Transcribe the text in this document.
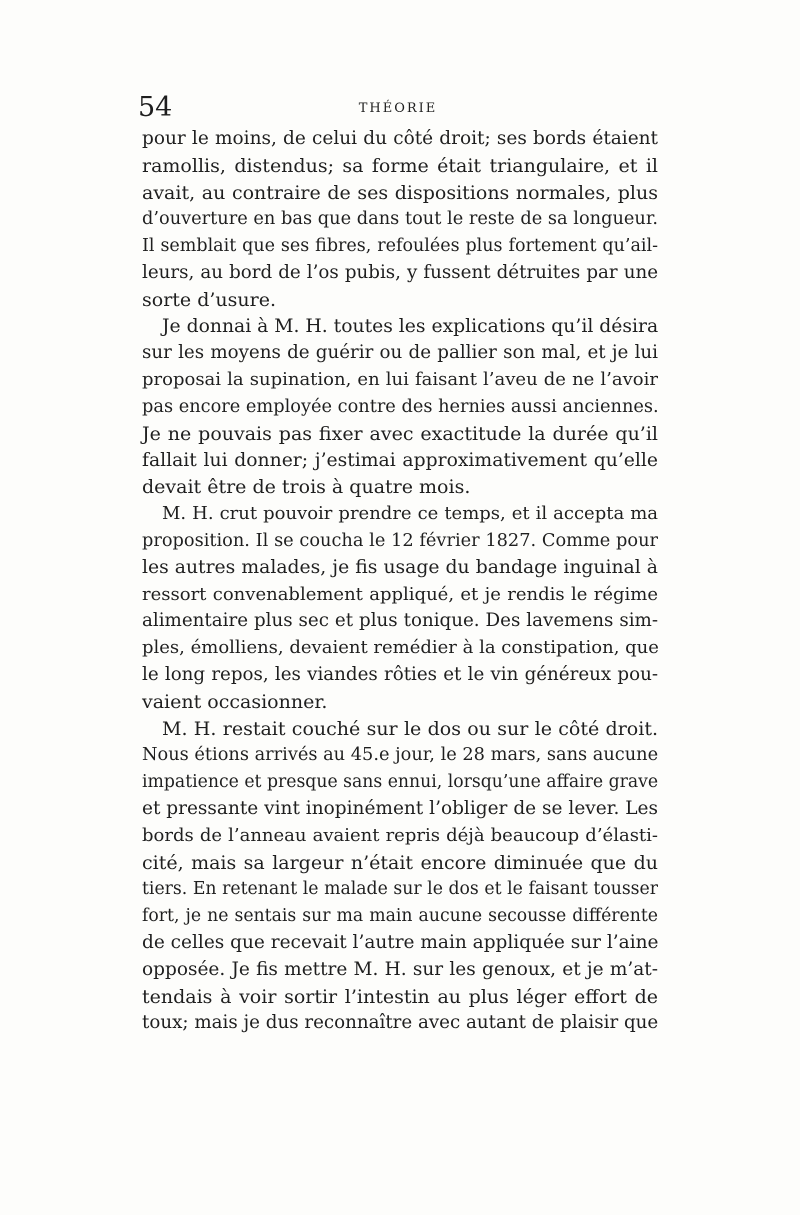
54	THÉORIE
pour le moins, de celui du côté droit; ses bords étaient
ramollis, distendus; sa forme était triangulaire, et il
avait, au contraire de ses dispositions normales, plus
d’ouverture en bas que dans tout le reste de sa longueur.
Il semblait que ses fibres, refoulées plus fortement qu’ail-
leurs, au bord de l’os pubis, y fussent détruites par une
sorte d’usure.
Je donnai à M. H. toutes les explications qu’il désira
sur les moyens de guérir ou de pallier son mal, et je lui
proposai la supination, en lui faisant l’aveu de ne l’avoir
pas encore employée contre des hernies aussi anciennes.
Je ne pouvais pas fixer avec exactitude la durée qu’il
fallait lui donner; j’estimai approximativement qu’elle
devait être de trois à quatre mois.
M. H. crut pouvoir prendre ce temps, et il accepta ma
proposition. Il se coucha le 12 février 1827. Comme pour
les autres malades, je fis usage du bandage inguinal à
ressort convenablement appliqué, et je rendis le régime
alimentaire plus sec et plus tonique. Des lavemens sim-
ples, émolliens, devaient remédier à la constipation, que
le long repos, les viandes rôties et le vin généreux pou-
vaient occasionner.
M. H. restait couché sur le dos ou sur le côté droit.
Nous étions arrivés au 45.e jour, le 28 mars, sans aucune
impatience et presque sans ennui, lorsqu’une affaire grave
et pressante vint inopinément l’obliger de se lever. Les
bords de l’anneau avaient repris déjà beaucoup d’élasti-
cité, mais sa largeur n’était encore diminuée que du
tiers. En retenant le malade sur le dos et le faisant tousser
fort, je ne sentais sur ma main aucune secousse différente
de celles que recevait l’autre main appliquée sur l’aine
opposée. Je fis mettre M. H. sur les genoux, et je m’at-
tendais à voir sortir l’intestin au plus léger effort de
toux; mais je dus reconnaître avec autant de plaisir que
